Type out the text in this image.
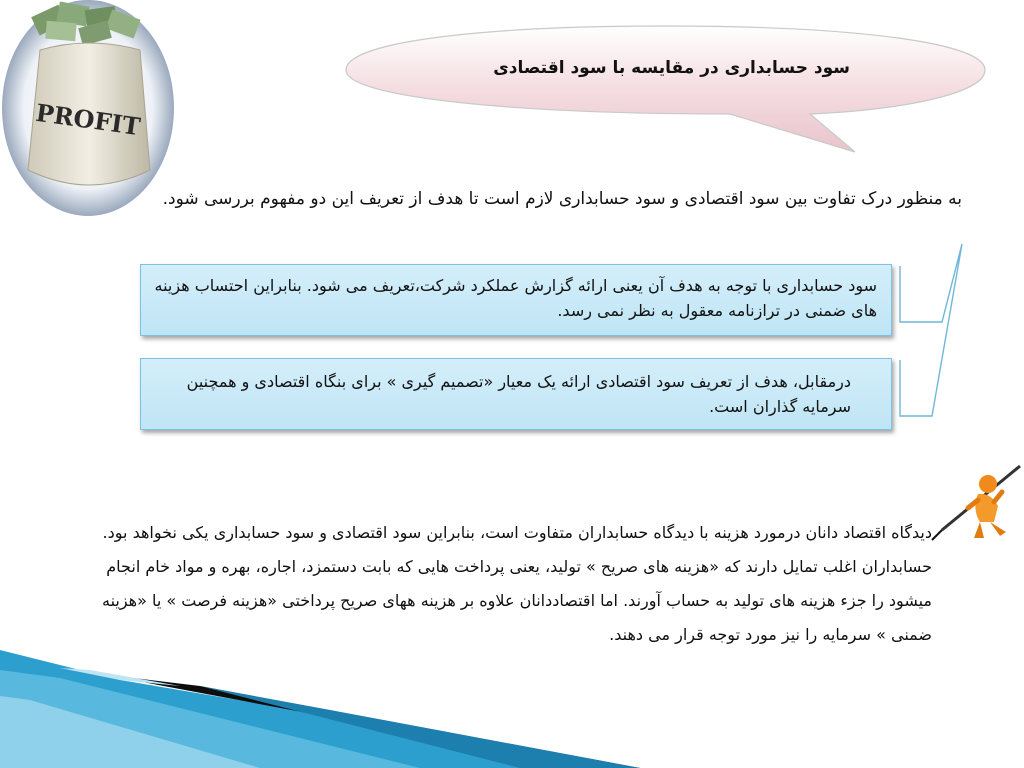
PROFIT
سود حسابداری در مقایسه با سود اقتصادی
به منظور درک تفاوت بین سود اقتصادی و سود حسابداری لازم است تا هدف از تعریف این دو مفهوم بررسی شود.
سود حسابداری با توجه به هدف آن یعنی ارائه گزارش عملکرد شرکت،تعریف می شود. بنابراین احتساب هزینه های ضمنی در ترازنامه معقول به نظر نمی رسد.
درمقابل، هدف از تعریف سود اقتصادی ارائه یک معیار «تصمیم گیری » برای بنگاه اقتصادی و همچنین سرمایه گذاران است.
دیدگاه اقتصاد دانان درمورد هزینه با دیدگاه حسابداران متفاوت است، بنابراین سود اقتصادی و سود حسابداری یکی نخواهد بود. حسابداران اغلب تمایل دارند که «هزینه های صریح » تولید، یعنی پرداخت هایی که بابت دستمزد، اجاره، بهره و مواد خام انجام میشود را جزء هزینه های تولید به حساب آورند. اما اقتصاددانان علاوه بر هزینه ههای صریح پرداختی «هزینه فرصت » یا «هزینه ضمنی » سرمایه را نیز مورد توجه قرار می دهند.
